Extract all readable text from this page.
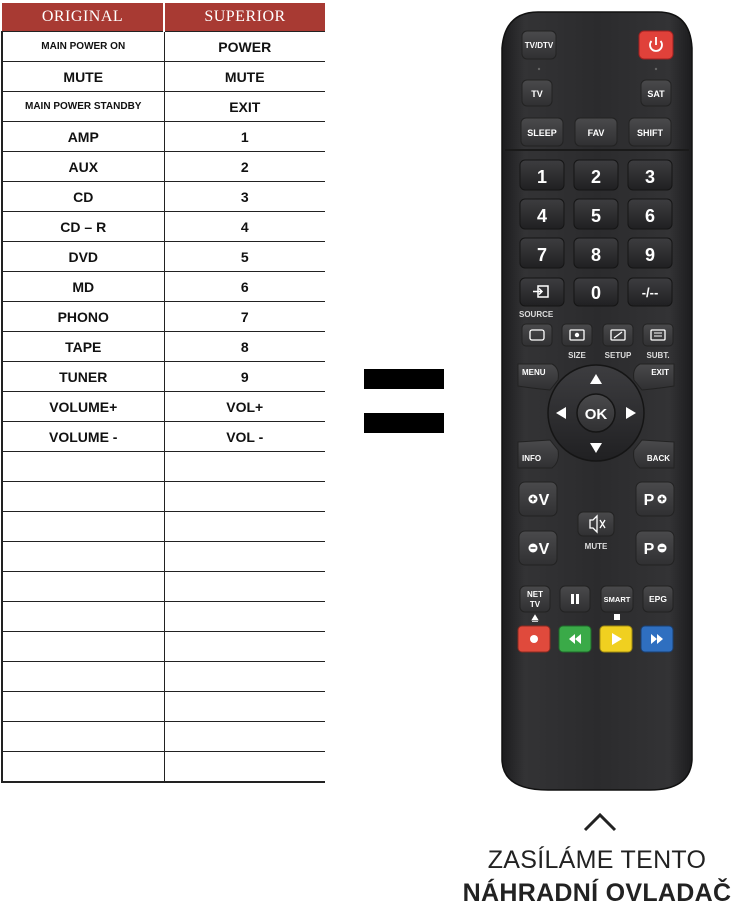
ORIGINAL	SUPERIOR
MAIN POWER ON	POWER
MUTE	MUTE
MAIN POWER STANDBY	EXIT
AMP	1
AUX	2
CD	3
CD – R	4
DVD	5
MD	6
PHONO	7
TAPE	8
TUNER	9
VOLUME+	VOL+
VOLUME -	VOL -

TV/DTV
TV	SAT
SLEEP	FAV	SHIFT
1 2 3
4 5 6
7 8 9
0	-/--
SOURCE
SIZE SETUP SUBT.
MENU	EXIT
INFO	BACK
OK
V
V
P
P
MUTE
NET
TV
SMART EPG
ZASÍLÁME TENTO
NÁHRADNÍ OVLADAČ
